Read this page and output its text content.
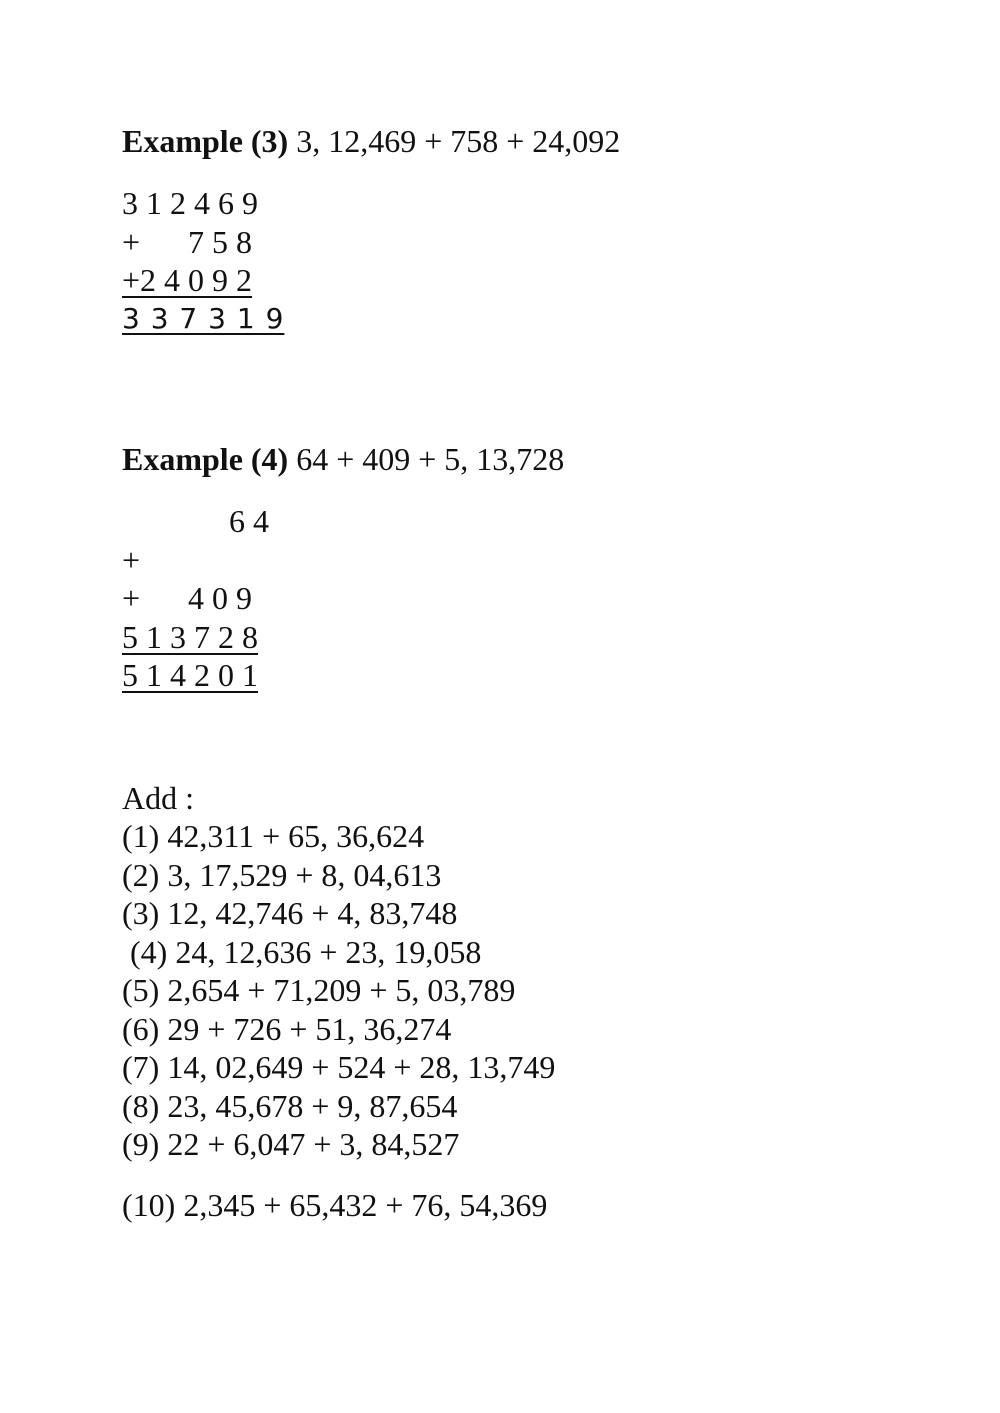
Example (3) 3, 12,469 + 758 + 24,092
3 1 2 4 6 9
+      7 5 8
+2 4 0 9 2
3 3 7 3 1 9
Example (4) 64 + 409 + 5, 13,728
6 4
+
+      4 0 9
5 1 3 7 2 8
5 1 4 2 0 1
Add :
(1) 42,311 + 65, 36,624
(2) 3, 17,529 + 8, 04,613
(3) 12, 42,746 + 4, 83,748
(4) 24, 12,636 + 23, 19,058
(5) 2,654 + 71,209 + 5, 03,789
(6) 29 + 726 + 51, 36,274
(7) 14, 02,649 + 524 + 28, 13,749
(8) 23, 45,678 + 9, 87,654
(9) 22 + 6,047 + 3, 84,527
(10) 2,345 + 65,432 + 76, 54,369
